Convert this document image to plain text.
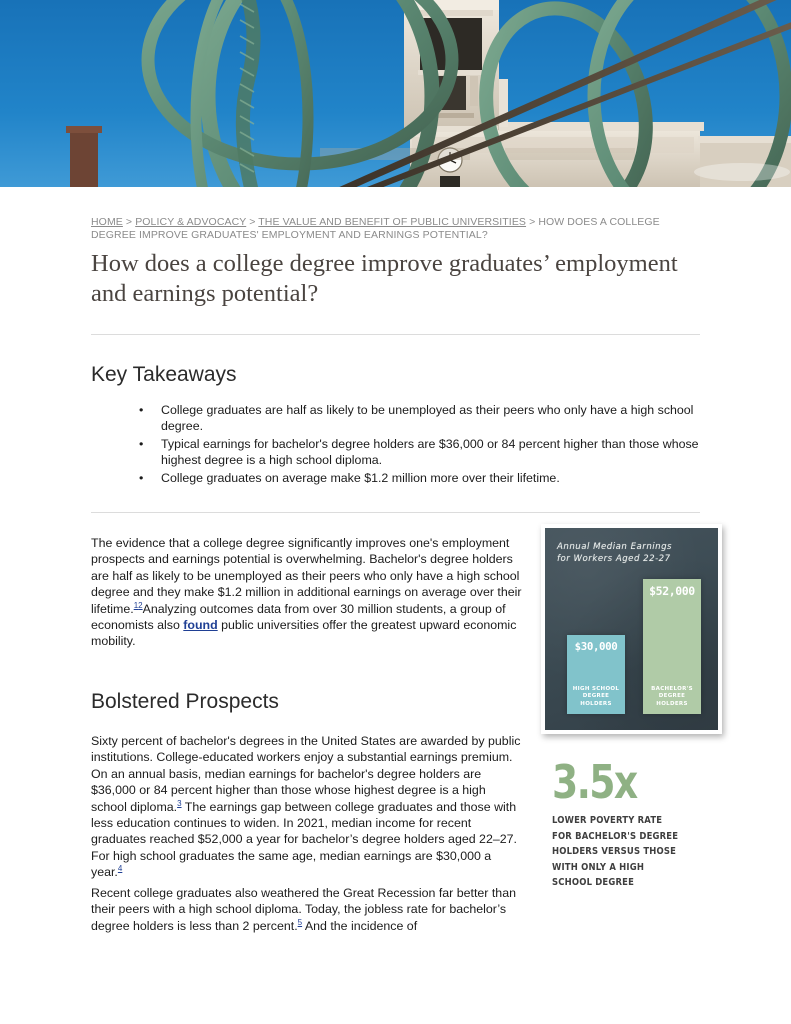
HOME > POLICY & ADVOCACY > THE VALUE AND BENEFIT OF PUBLIC UNIVERSITIES > HOW DOES A COLLEGE DEGREE IMPROVE GRADUATES' EMPLOYMENT AND EARNINGS POTENTIAL?
How does a college degree improve graduates’ employment and earnings potential?
Key Takeaways
• College graduates are half as likely to be unemployed as their peers who only have a high school degree.
• Typical earnings for bachelor's degree holders are $36,000 or 84 percent higher than those whose highest degree is a high school diploma.
• College graduates on average make $1.2 million more over their lifetime.

The evidence that a college degree significantly improves one's employment prospects and earnings potential is overwhelming. Bachelor's degree holders are half as likely to be unemployed as their peers who only have a high school degree and they make $1.2 million in additional earnings on average over their lifetime.$^{12}$Analyzing outcomes data from over 30 million students, a group of economists also found public universities offer the greatest upward economic mobility.

Bolstered Prospects

Sixty percent of bachelor's degrees in the United States are awarded by public institutions. College-educated workers enjoy a substantial earnings premium. On an annual basis, median earnings for bachelor's degree holders are $36,000 or 84 percent higher than those whose highest degree is a high school diploma.$^3$ The earnings gap between college graduates and those with less education continues to widen. In 2021, median income for recent graduates reached $52,000 a year for bachelor’s degree holders aged 22–27. For high school graduates the same age, median earnings are $30,000 a year.$^4$

Recent college graduates also weathered the Great Recession far better than their peers with a high school diploma. Today, the jobless rate for bachelor’s degree holders is less than 2 percent.$^5$ And the incidence of

Annual Median Earnings
for Workers Aged 22-27
$30,000
HIGH SCHOOL
DEGREE HOLDERS
$52,000
BACHELOR'S
DEGREE HOLDERS
3.5x
LOWER POVERTY RATE
FOR BACHELOR'S DEGREE
HOLDERS VERSUS THOSE
WITH ONLY A HIGH
SCHOOL DEGREE
